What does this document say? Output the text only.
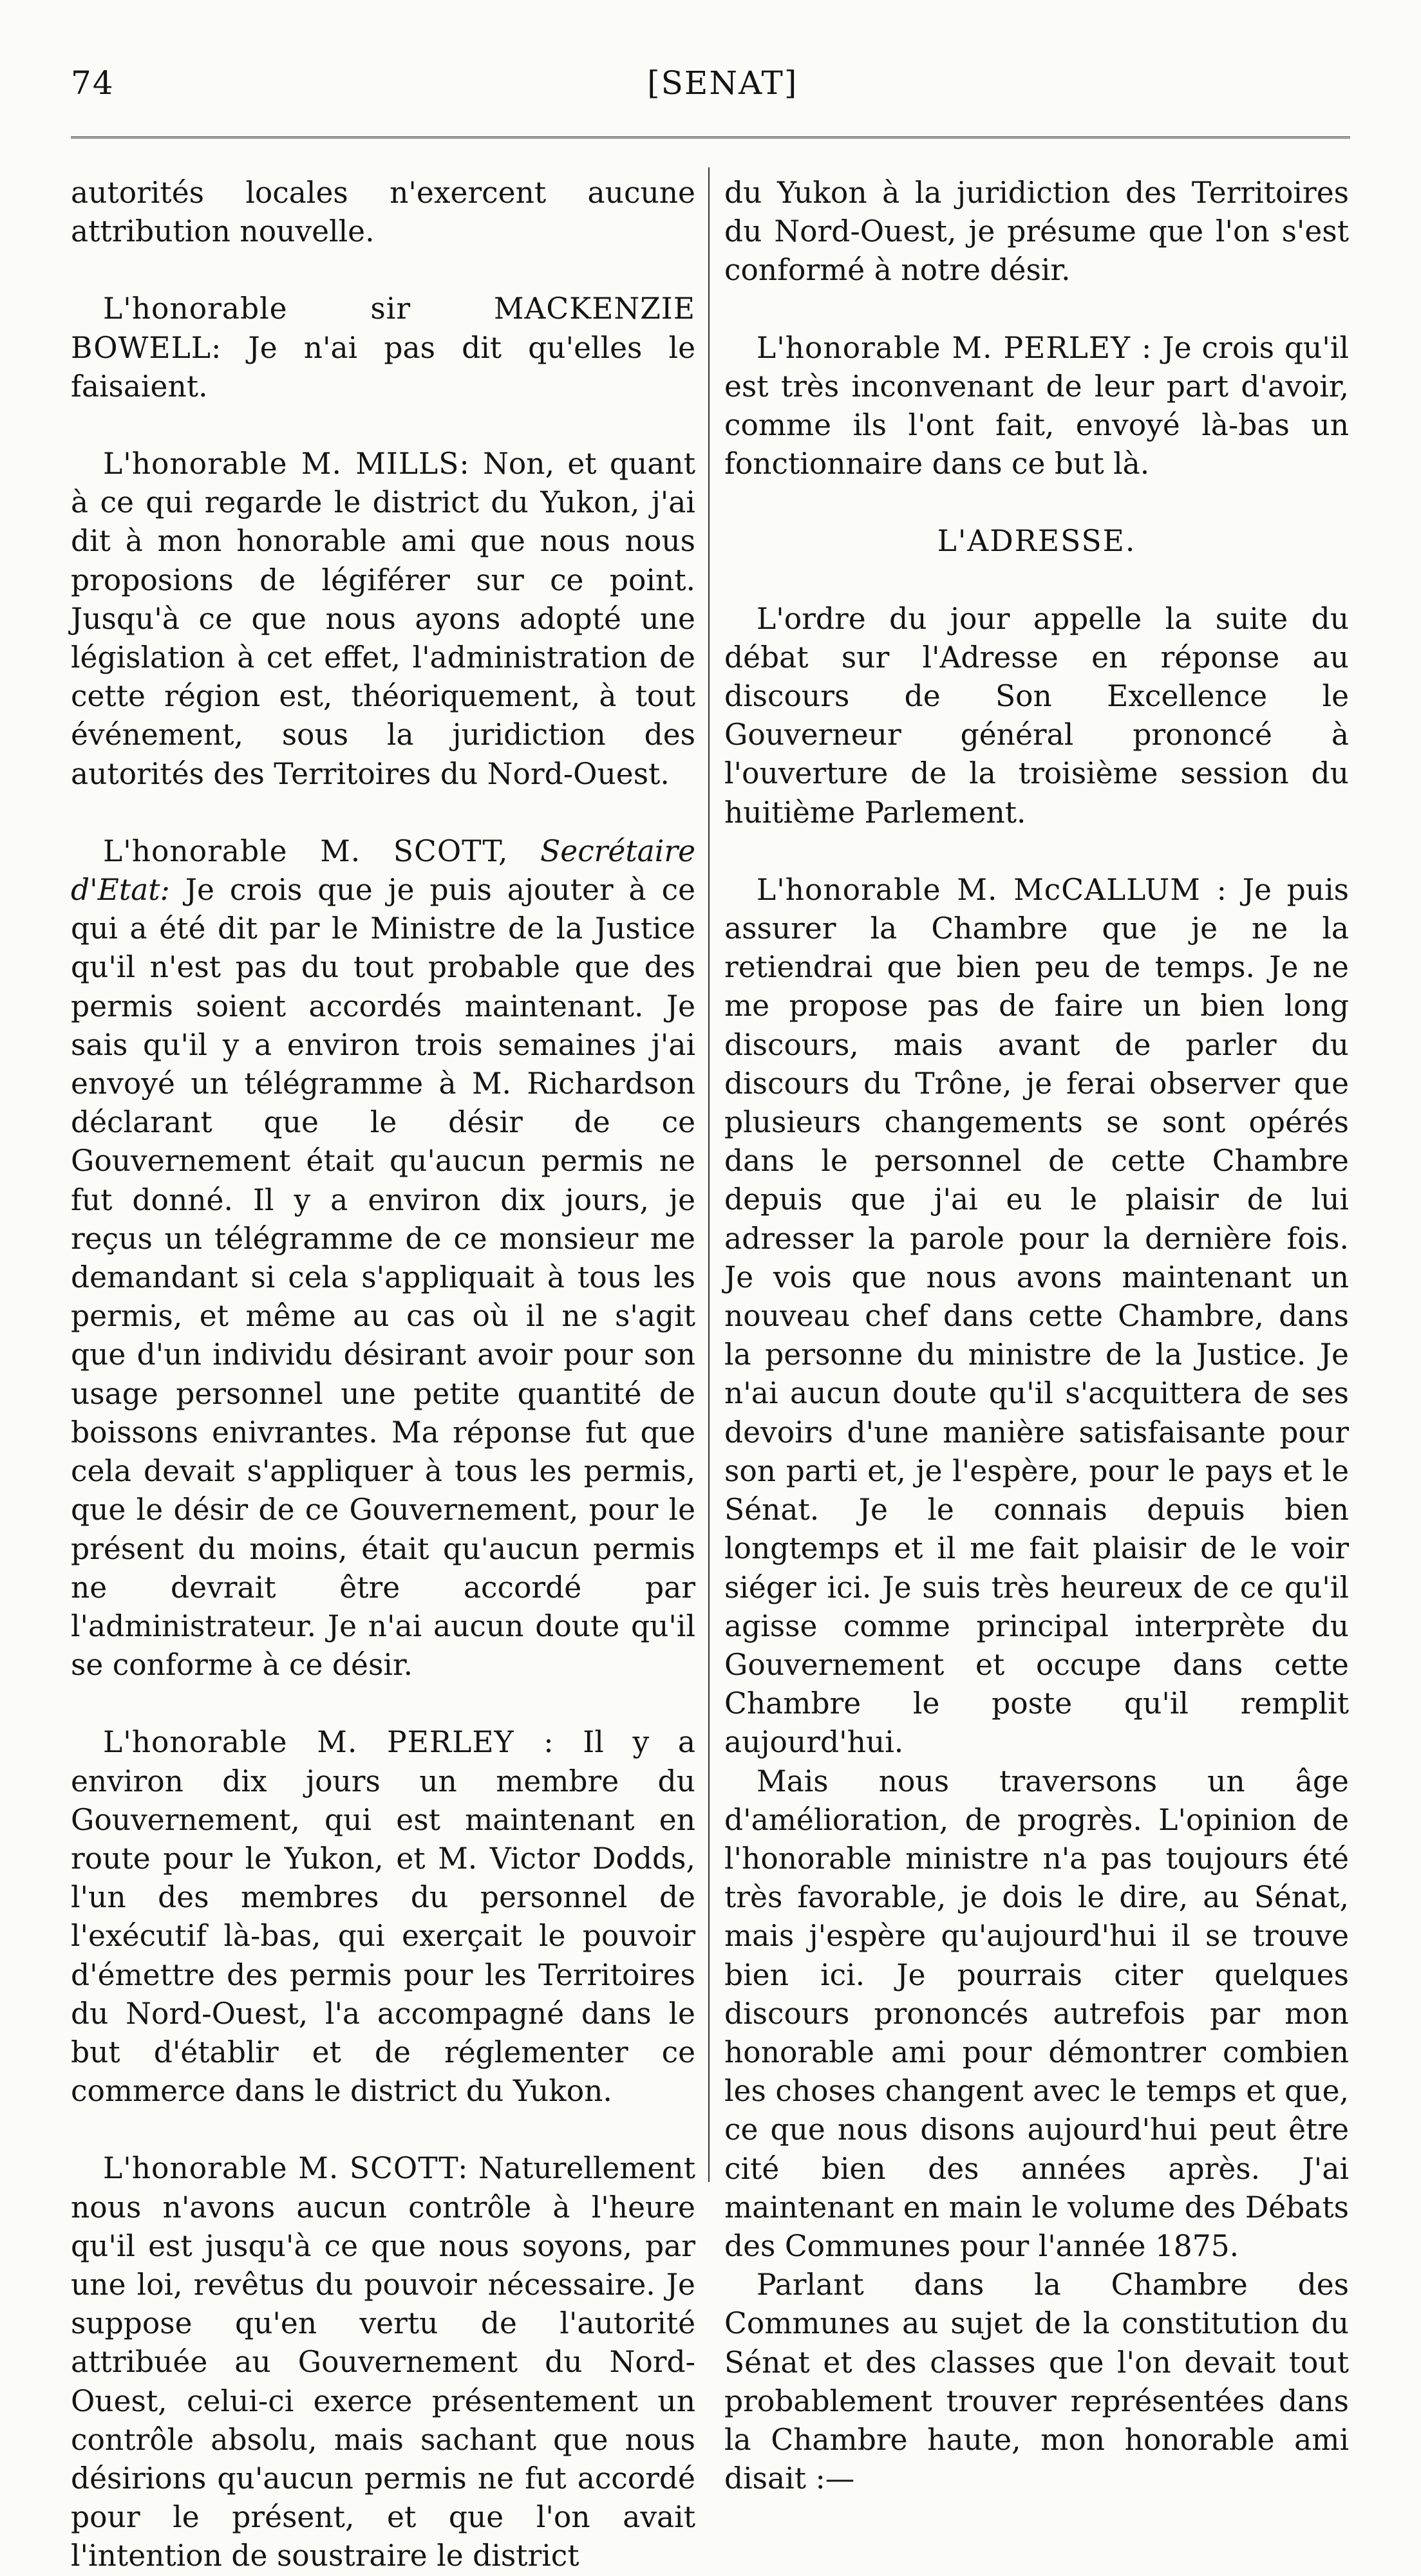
74	[SENAT]

autorités locales n'exercent aucune attribution nouvelle.

L'honorable sir MACKENZIE BOWELL: Je n'ai pas dit qu'elles le faisaient.

L'honorable M. MILLS: Non, et quant à ce qui regarde le district du Yukon, j'ai dit à mon honorable ami que nous nous proposions de légiférer sur ce point. Jusqu'à ce que nous ayons adopté une législation à cet effet, l'administration de cette région est, théoriquement, à tout événement, sous la juridiction des autorités des Territoires du Nord-Ouest.

L'honorable M. SCOTT, Secrétaire d'Etat: Je crois que je puis ajouter à ce qui a été dit par le Ministre de la Justice qu'il n'est pas du tout probable que des permis soient accordés maintenant. Je sais qu'il y a environ trois semaines j'ai envoyé un télégramme à M. Richardson déclarant que le désir de ce Gouvernement était qu'aucun permis ne fut donné. Il y a environ dix jours, je reçus un télégramme de ce monsieur me demandant si cela s'appliquait à tous les permis, et même au cas où il ne s'agit que d'un individu désirant avoir pour son usage personnel une petite quantité de boissons enivrantes. Ma réponse fut que cela devait s'appliquer à tous les permis, que le désir de ce Gouvernement, pour le présent du moins, était qu'aucun permis ne devrait être accordé par l'administrateur. Je n'ai aucun doute qu'il se conforme à ce désir.

L'honorable M. PERLEY : Il y a environ dix jours un membre du Gouvernement, qui est maintenant en route pour le Yukon, et M. Victor Dodds, l'un des membres du personnel de l'exécutif là-bas, qui exerçait le pouvoir d'émettre des permis pour les Territoires du Nord-Ouest, l'a accompagné dans le but d'établir et de réglementer ce commerce dans le district du Yukon.

L'honorable M. SCOTT: Naturellement nous n'avons aucun contrôle à l'heure qu'il est jusqu'à ce que nous soyons, par une loi, revêtus du pouvoir nécessaire. Je suppose qu'en vertu de l'autorité attribuée au Gouvernement du Nord-Ouest, celui-ci exerce présentement un contrôle absolu, mais sachant que nous désirions qu'aucun permis ne fut accordé pour le présent, et que l'on avait l'intention de soustraire le district

du Yukon à la juridiction des Territoires du Nord-Ouest, je présume que l'on s'est conformé à notre désir.

L'honorable M. PERLEY : Je crois qu'il est très inconvenant de leur part d'avoir, comme ils l'ont fait, envoyé là-bas un fonctionnaire dans ce but là.

L'ADRESSE.

L'ordre du jour appelle la suite du débat sur l'Adresse en réponse au discours de Son Excellence le Gouverneur général prononcé à l'ouverture de la troisième session du huitième Parlement.

L'honorable M. McCALLUM : Je puis assurer la Chambre que je ne la retiendrai que bien peu de temps. Je ne me propose pas de faire un bien long discours, mais avant de parler du discours du Trône, je ferai observer que plusieurs changements se sont opérés dans le personnel de cette Chambre depuis que j'ai eu le plaisir de lui adresser la parole pour la dernière fois. Je vois que nous avons maintenant un nouveau chef dans cette Chambre, dans la personne du ministre de la Justice. Je n'ai aucun doute qu'il s'acquittera de ses devoirs d'une manière satisfaisante pour son parti et, je l'espère, pour le pays et le Sénat. Je le connais depuis bien longtemps et il me fait plaisir de le voir siéger ici. Je suis très heureux de ce qu'il agisse comme principal interprète du Gouvernement et occupe dans cette Chambre le poste qu'il remplit aujourd'hui.

Mais nous traversons un âge d'amélioration, de progrès. L'opinion de l'honorable ministre n'a pas toujours été très favorable, je dois le dire, au Sénat, mais j'espère qu'aujourd'hui il se trouve bien ici. Je pourrais citer quelques discours prononcés autrefois par mon honorable ami pour démontrer combien les choses changent avec le temps et que, ce que nous disons aujourd'hui peut être cité bien des années après. J'ai maintenant en main le volume des Débats des Communes pour l'année 1875.

Parlant dans la Chambre des Communes au sujet de la constitution du Sénat et des classes que l'on devait tout probablement trouver représentées dans la Chambre haute, mon honorable ami disait :—
